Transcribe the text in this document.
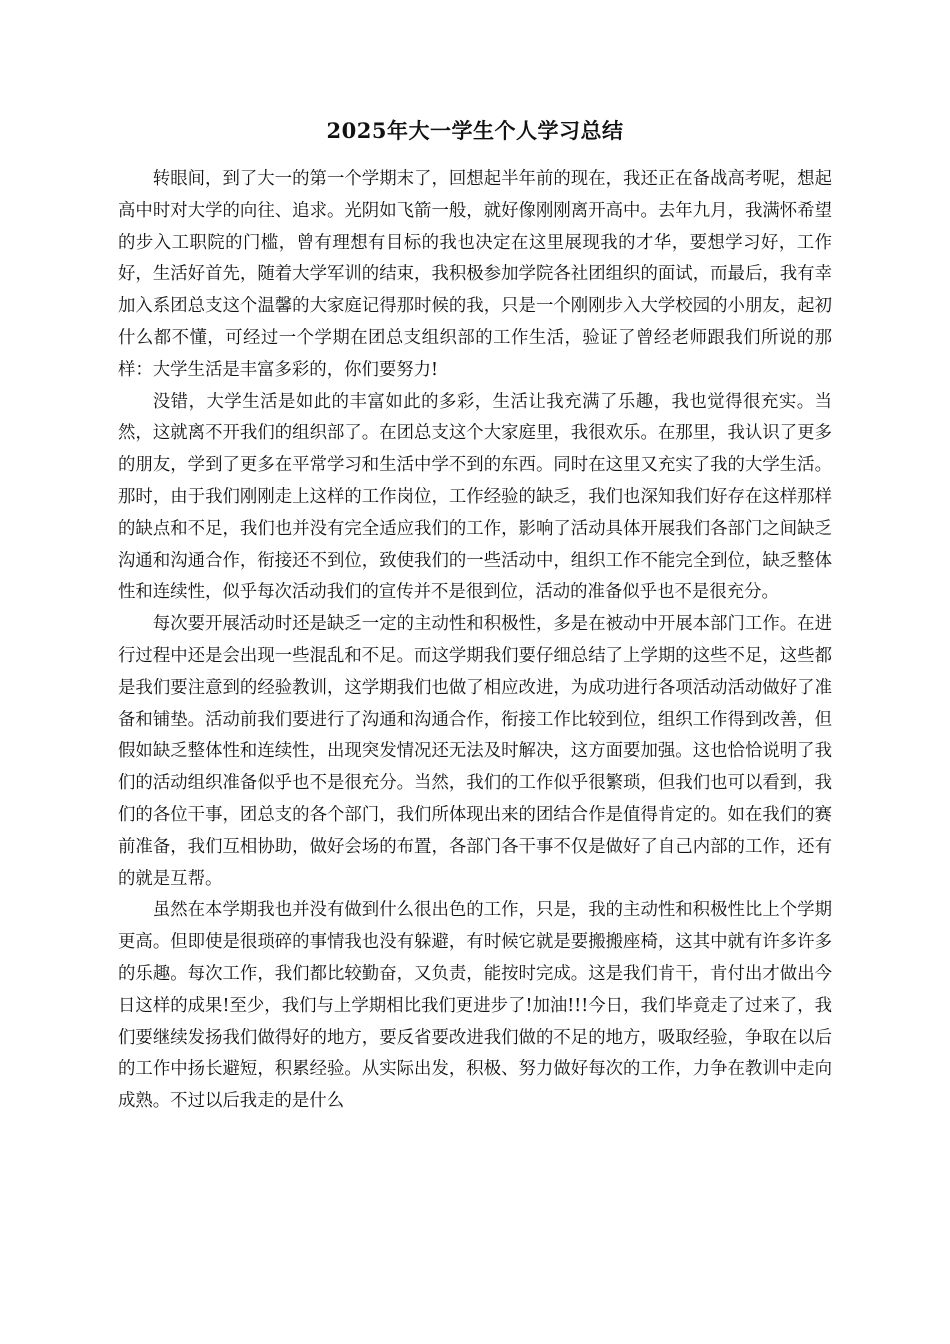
2025年大一学生个人学习总结

转眼间，到了大一的第一个学期末了，回想起半年前的现在，我还正在备战高考呢，想起高中时对大学的向往、追求。光阴如飞箭一般，就好像刚刚离开高中。去年九月，我满怀希望的步入工职院的门槛，曾有理想有目标的我也决定在这里展现我的才华，要想学习好，工作好，生活好首先，随着大学军训的结束，我积极参加学院各社团组织的面试，而最后，我有幸加入系团总支这个温馨的大家庭记得那时候的我，只是一个刚刚步入大学校园的小朋友，起初什么都不懂，可经过一个学期在团总支组织部的工作生活，验证了曾经老师跟我们所说的那样：大学生活是丰富多彩的，你们要努力!

没错，大学生活是如此的丰富如此的多彩，生活让我充满了乐趣，我也觉得很充实。当然，这就离不开我们的组织部了。在团总支这个大家庭里，我很欢乐。在那里，我认识了更多的朋友，学到了更多在平常学习和生活中学不到的东西。同时在这里又充实了我的大学生活。那时，由于我们刚刚走上这样的工作岗位，工作经验的缺乏，我们也深知我们好存在这样那样的缺点和不足，我们也并没有完全适应我们的工作，影响了活动具体开展我们各部门之间缺乏沟通和沟通合作，衔接还不到位，致使我们的一些活动中，组织工作不能完全到位，缺乏整体性和连续性，似乎每次活动我们的宣传并不是很到位，活动的准备似乎也不是很充分。

每次要开展活动时还是缺乏一定的主动性和积极性，多是在被动中开展本部门工作。在进行过程中还是会出现一些混乱和不足。而这学期我们要仔细总结了上学期的这些不足，这些都是我们要注意到的经验教训，这学期我们也做了相应改进，为成功进行各项活动活动做好了准备和铺垫。活动前我们要进行了沟通和沟通合作，衔接工作比较到位，组织工作得到改善，但假如缺乏整体性和连续性，出现突发情况还无法及时解决，这方面要加强。这也恰恰说明了我们的活动组织准备似乎也不是很充分。当然，我们的工作似乎很繁琐，但我们也可以看到，我们的各位干事，团总支的各个部门，我们所体现出来的团结合作是值得肯定的。如在我们的赛前准备，我们互相协助，做好会场的布置，各部门各干事不仅是做好了自己内部的工作，还有的就是互帮。

虽然在本学期我也并没有做到什么很出色的工作，只是，我的主动性和积极性比上个学期更高。但即使是很琐碎的事情我也没有躲避，有时候它就是要搬搬座椅，这其中就有许多许多的乐趣。每次工作，我们都比较勤奋，又负责，能按时完成。这是我们肯干，肯付出才做出今日这样的成果!至少，我们与上学期相比我们更进步了!加油!!!今日，我们毕竟走了过来了，我们要继续发扬我们做得好的地方，要反省要改进我们做的不足的地方，吸取经验，争取在以后的工作中扬长避短，积累经验。从实际出发，积极、努力做好每次的工作，力争在教训中走向成熟。不过以后我走的是什么
